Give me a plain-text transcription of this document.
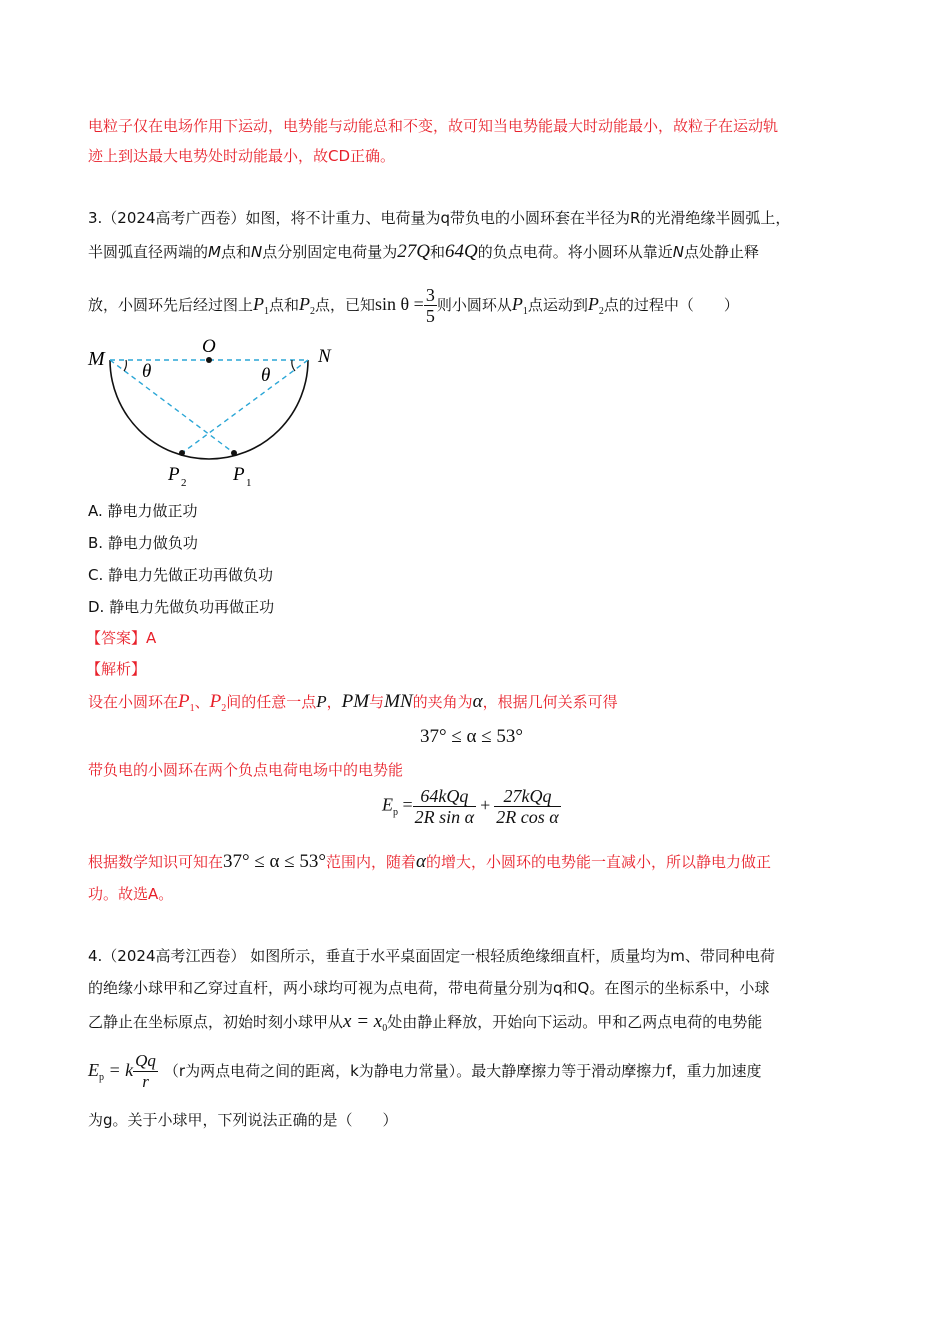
电粒子仅在电场作用下运动，电势能与动能总和不变，故可知当电势能最大时动能最小，故粒子在运动轨
迹上到达最大电势处时动能最小，故CD正确。
3.（2024高考广西卷）如图，将不计重力、电荷量为q带负电的小圆环套在半径为R的光滑绝缘半圆弧上，
半圆弧直径两端的M点和N点分别固定电荷量为27Q和64Q的负点电荷。将小圆环从靠近N点处静止释
放，小圆环先后经过图上$P_1$点和$P_2$点，已知$\sin \theta = \frac{3}{5}$ 则小圆环从$P_1$点运动到$P_2$点的过程中（　　）
M
O	N
θ	θ
P 2 P 1
A. 静电力做正功
B. 静电力做负功
C. 静电力先做正功再做负功
D. 静电力先做负功再做正功
【答案】A
【解析】
设在小圆环在$P_1$、$P_2$间的任意一点P，PM与MN的夹角为α，根据几何关系可得
37° ≤ α ≤ 53°
带负电的小圆环在两个负点电荷电场中的电势能
$E_p = \frac{\text{64kQq}}{\text{2R sin α}} + \frac{\text{27kQq}}{\text{2R cos α}}$
根据数学知识可知在37° ≤ α ≤ 53°范围内，随着α的增大，小圆环的电势能一直减小，所以静电力做正
功。故选A。
4.（2024高考江西卷） 如图所示，垂直于水平桌面固定一根轻质绝缘细直杆，质量均为m、带同种电荷
的绝缘小球甲和乙穿过直杆，两小球均可视为点电荷，带电荷量分别为q和Q。在图示的坐标系中，小球
乙静止在坐标原点，初始时刻小球甲从$x = x_0$处由静止释放，开始向下运动。甲和乙两点电荷的电势能
$E_p = k \frac{Qq}{r} (r$为两点电荷之间的距离，k为静电力常量）。最大静摩擦力等于滑动摩擦力f，重力加速度
为g。关于小球甲，下列说法正确的是（　　）
